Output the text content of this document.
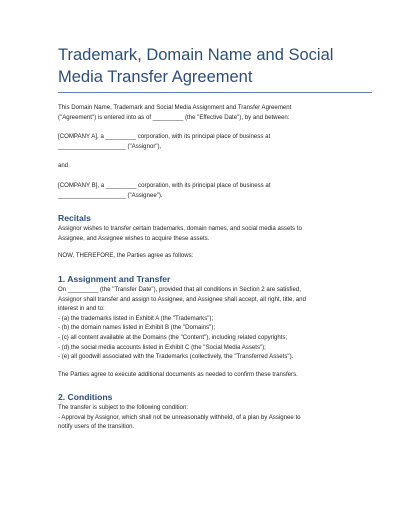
Trademark, Domain Name and Social
Media Transfer Agreement

This Domain Name, Trademark and Social Media Assignment and Transfer Agreement

("Agreement") is entered into as of _________ (the "Effective Date"), by and between:

[COMPANY A], a _________ corporation, with its principal place of business at

____________________ ("Assignor"),

and

[COMPANY B], a _________ corporation, with its principal place of business at

____________________ ("Assignee").

Recitals

Assignor wishes to transfer certain trademarks, domain names, and social media assets to

Assignee, and Assignee wishes to acquire these assets.

NOW, THEREFORE, the Parties agree as follows:

1. Assignment and Transfer

On _________ (the "Transfer Date"), provided that all conditions in Section 2 are satisfied,

Assignor shall transfer and assign to Assignee, and Assignee shall accept, all right, title, and

interest in and to:

- (a) the trademarks listed in Exhibit A (the "Trademarks");
- (b) the domain names listed in Exhibit B (the "Domains");
- (c) all content available at the Domains (the "Content"), including related copyrights;
- (d) the social media accounts listed in Exhibit C (the "Social Media Assets");
- (e) all goodwill associated with the Trademarks (collectively, the "Transferred Assets").

The Parties agree to execute additional documents as needed to confirm these transfers.

2. Conditions

The transfer is subject to the following condition:

- Approval by Assignor, which shall not be unreasonably withheld, of a plan by Assignee to

notify users of the transition.
